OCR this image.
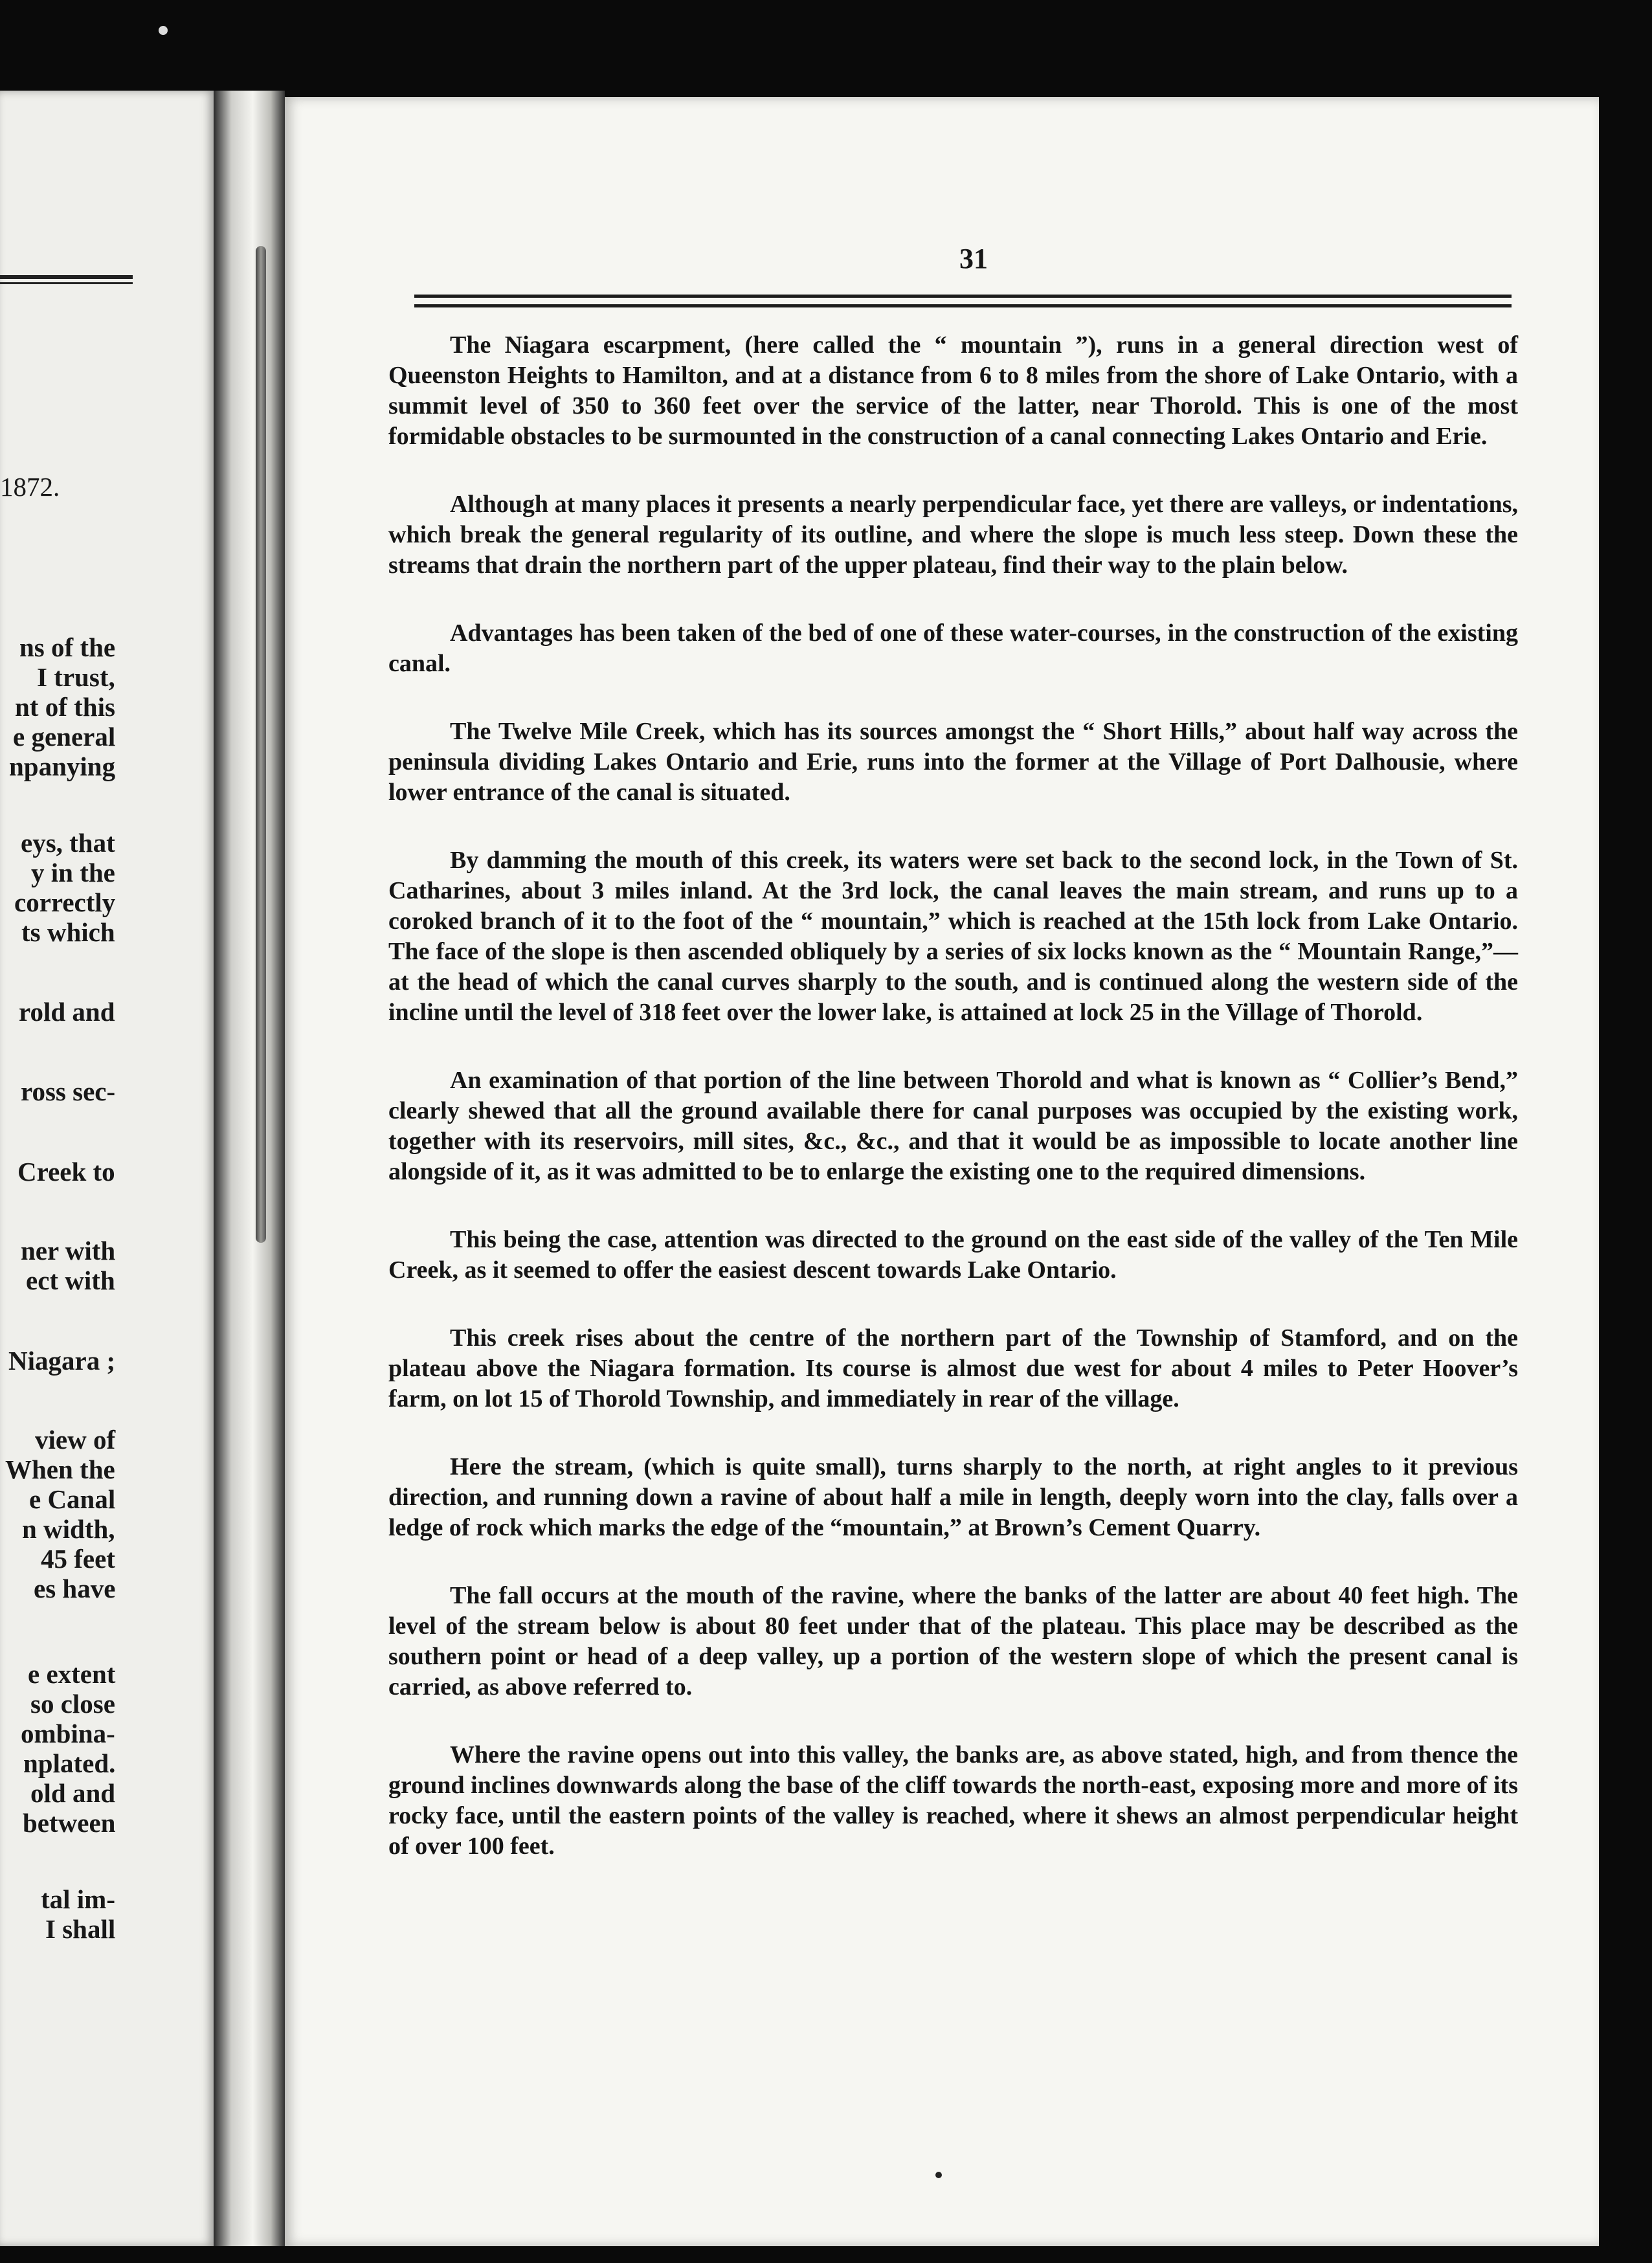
1872.
ns of the
I trust,
nt of this
e general
npanying
eys, that
y in the
correctly
ts which
rold and
ross sec-
Creek to
ner with
ect with
Niagara ;
view of
When the
e Canal
n width,
45 feet
es have
e extent
so close
ombina-
nplated.
old and
between
tal im-
I shall
31

The Niagara escarpment, (here called the “ mountain ”), runs in a general direction west of Queenston Heights to Hamilton, and at a distance from 6 to 8 miles from the shore of Lake Ontario, with a summit level of 350 to 360 feet over the service of the latter, near Thorold. This is one of the most formidable obstacles to be surmounted in the construction of a canal connecting Lakes Ontario and Erie.

Although at many places it presents a nearly perpendicular face, yet there are valleys, or indentations, which break the general regularity of its outline, and where the slope is much less steep. Down these the streams that drain the northern part of the upper plateau, find their way to the plain below.

Advantages has been taken of the bed of one of these water-courses, in the construction of the existing canal.

The Twelve Mile Creek, which has its sources amongst the “ Short Hills,” about half way across the peninsula dividing Lakes Ontario and Erie, runs into the former at the Village of Port Dalhousie, where lower entrance of the canal is situated.

By damming the mouth of this creek, its waters were set back to the second lock, in the Town of St. Catharines, about 3 miles inland. At the 3rd lock, the canal leaves the main stream, and runs up to a coroked branch of it to the foot of the “ mountain,” which is reached at the 15th lock from Lake Ontario. The face of the slope is then ascended obliquely by a series of six locks known as the “ Mountain Range,”—at the head of which the canal curves sharply to the south, and is continued along the western side of the incline until the level of 318 feet over the lower lake, is attained at lock 25 in the Village of Thorold.

An examination of that portion of the line between Thorold and what is known as “ Collier’s Bend,” clearly shewed that all the ground available there for canal purposes was occupied by the existing work, together with its reservoirs, mill sites, &c., &c., and that it would be as impossible to locate another line alongside of it, as it was admitted to be to enlarge the existing one to the required dimensions.

This being the case, attention was directed to the ground on the east side of the valley of the Ten Mile Creek, as it seemed to offer the easiest descent towards Lake Ontario.

This creek rises about the centre of the northern part of the Township of Stamford, and on the plateau above the Niagara formation. Its course is almost due west for about 4 miles to Peter Hoover’s farm, on lot 15 of Thorold Township, and immediately in rear of the village.

Here the stream, (which is quite small), turns sharply to the north, at right angles to it previous direction, and running down a ravine of about half a mile in length, deeply worn into the clay, falls over a ledge of rock which marks the edge of the “mountain,” at Brown’s Cement Quarry.

The fall occurs at the mouth of the ravine, where the banks of the latter are about 40 feet high. The level of the stream below is about 80 feet under that of the plateau. This place may be described as the southern point or head of a deep valley, up a portion of the western slope of which the present canal is carried, as above referred to.

Where the ravine opens out into this valley, the banks are, as above stated, high, and from thence the ground inclines downwards along the base of the cliff towards the north-east, exposing more and more of its rocky face, until the eastern points of the valley is reached, where it shews an almost perpendicular height of over 100 feet.
